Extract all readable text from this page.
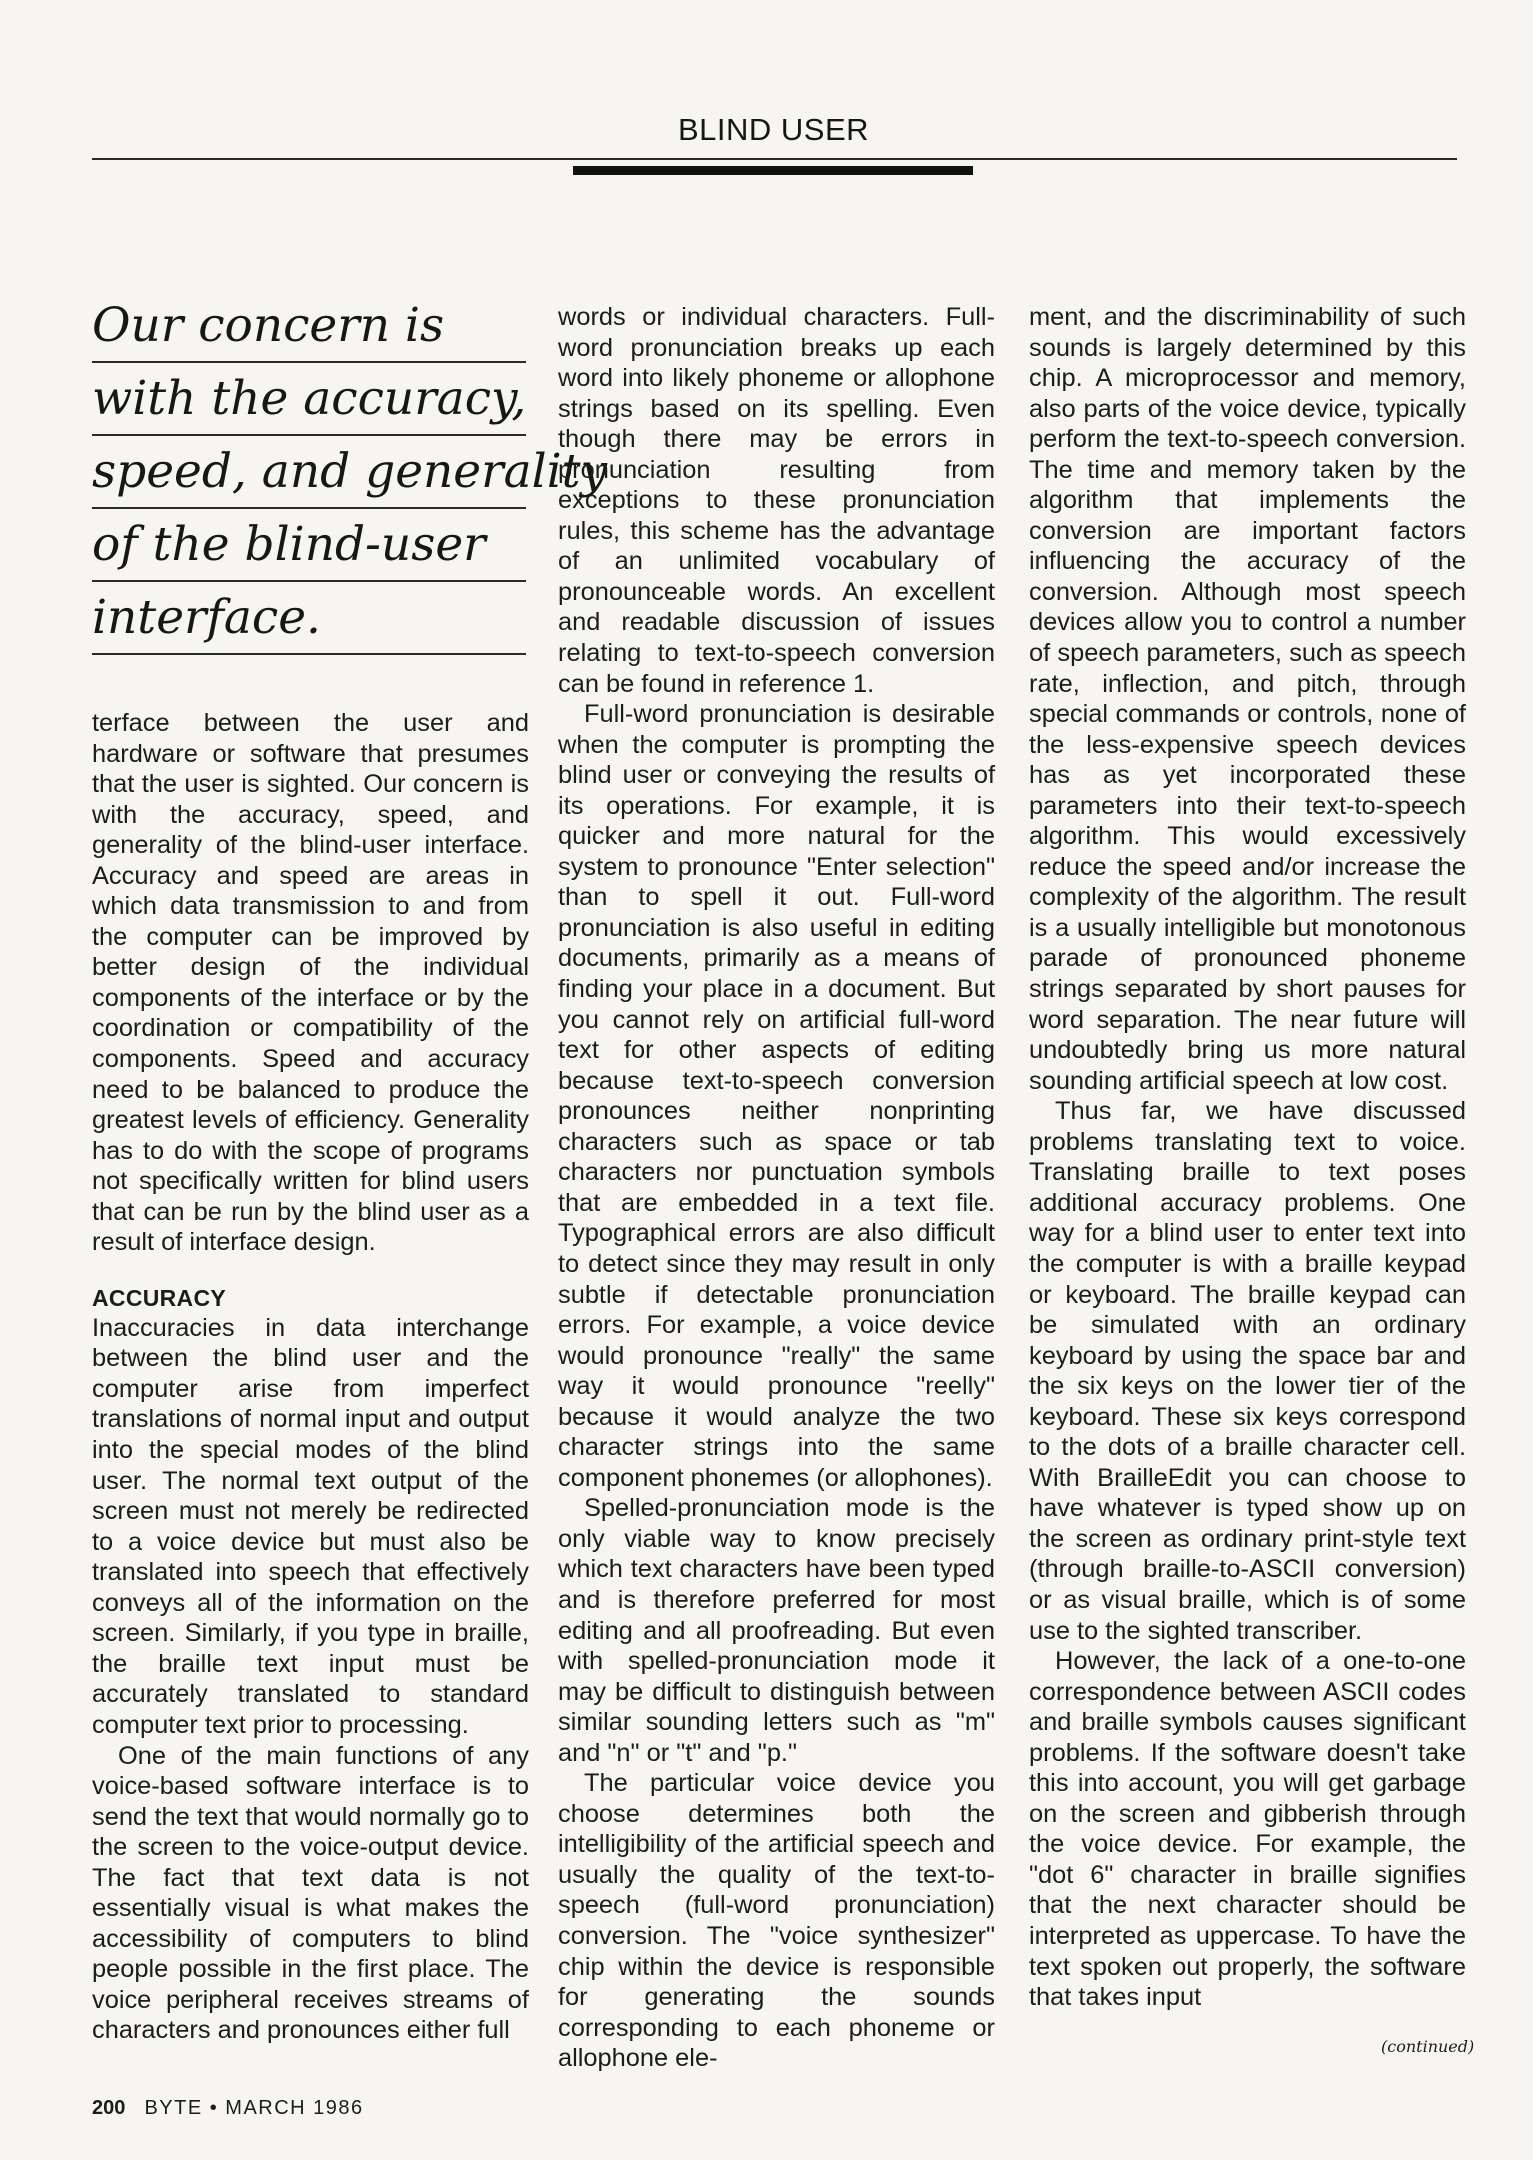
BLIND USER
Our concern is
with the accuracy,
speed, and generality
of the blind-user
interface.

terface between the user and hardware or software that presumes that the user is sighted. Our concern is with the accuracy, speed, and generality of the blind-user interface. Accuracy and speed are areas in which data transmission to and from the computer can be improved by better design of the individual components of the interface or by the coordination or compatibility of the components. Speed and accuracy need to be balanced to produce the greatest levels of efficiency. Generality has to do with the scope of programs not specifically written for blind users that can be run by the blind user as a result of interface design.

ACCURACY

Inaccuracies in data interchange between the blind user and the computer arise from imperfect translations of normal input and output into the special modes of the blind user. The normal text output of the screen must not merely be redirected to a voice device but must also be translated into speech that effectively conveys all of the information on the screen. Similarly, if you type in braille, the braille text input must be accurately translated to standard computer text prior to processing.

One of the main functions of any voice-based software interface is to send the text that would normally go to the screen to the voice-output device. The fact that text data is not essentially visual is what makes the accessibility of computers to blind people possible in the first place. The voice peripheral receives streams of characters and pronounces either full

words or individual characters. Full-word pronunciation breaks up each word into likely phoneme or allophone strings based on its spelling. Even though there may be errors in pronunciation resulting from exceptions to these pronunciation rules, this scheme has the advantage of an unlimited vocabulary of pronounceable words. An excellent and readable discussion of issues relating to text-to-speech conversion can be found in reference 1.

Full-word pronunciation is desirable when the computer is prompting the blind user or conveying the results of its operations. For example, it is quicker and more natural for the system to pronounce "Enter selection" than to spell it out. Full-word pronunciation is also useful in editing documents, primarily as a means of finding your place in a document. But you cannot rely on artificial full-word text for other aspects of editing because text-to-speech conversion pronounces neither nonprinting characters such as space or tab characters nor punctuation symbols that are embedded in a text file. Typographical errors are also difficult to detect since they may result in only subtle if detectable pronunciation errors. For example, a voice device would pronounce "really" the same way it would pronounce "reelly" because it would analyze the two character strings into the same component phonemes (or allophones).

Spelled-pronunciation mode is the only viable way to know precisely which text characters have been typed and is therefore preferred for most editing and all proofreading. But even with spelled-pronunciation mode it may be difficult to distinguish between similar sounding letters such as "m" and "n" or "t" and "p."

The particular voice device you choose determines both the intelligibility of the artificial speech and usually the quality of the text-to-speech (full-word pronunciation) conversion. The "voice synthesizer" chip within the device is responsible for generating the sounds corresponding to each phoneme or allophone ele-

ment, and the discriminability of such sounds is largely determined by this chip. A microprocessor and memory, also parts of the voice device, typically perform the text-to-speech conversion. The time and memory taken by the algorithm that implements the conversion are important factors influencing the accuracy of the conversion. Although most speech devices allow you to control a number of speech parameters, such as speech rate, inflection, and pitch, through special commands or controls, none of the less-expensive speech devices has as yet incorporated these parameters into their text-to-speech algorithm. This would excessively reduce the speed and/or increase the complexity of the algorithm. The result is a usually intelligible but monotonous parade of pronounced phoneme strings separated by short pauses for word separation. The near future will undoubtedly bring us more natural sounding artificial speech at low cost.

Thus far, we have discussed problems translating text to voice. Translating braille to text poses additional accuracy problems. One way for a blind user to enter text into the computer is with a braille keypad or keyboard. The braille keypad can be simulated with an ordinary keyboard by using the space bar and the six keys on the lower tier of the keyboard. These six keys correspond to the dots of a braille character cell. With BrailleEdit you can choose to have whatever is typed show up on the screen as ordinary print-style text (through braille-to-ASCII conversion) or as visual braille, which is of some use to the sighted transcriber.

However, the lack of a one-to-one correspondence between ASCII codes and braille symbols causes significant problems. If the software doesn't take this into account, you will get garbage on the screen and gibberish through the voice device. For example, the "dot 6" character in braille signifies that the next character should be interpreted as uppercase. To have the text spoken out properly, the software that takes input

(continued)
200 BYTE • MARCH 1986
